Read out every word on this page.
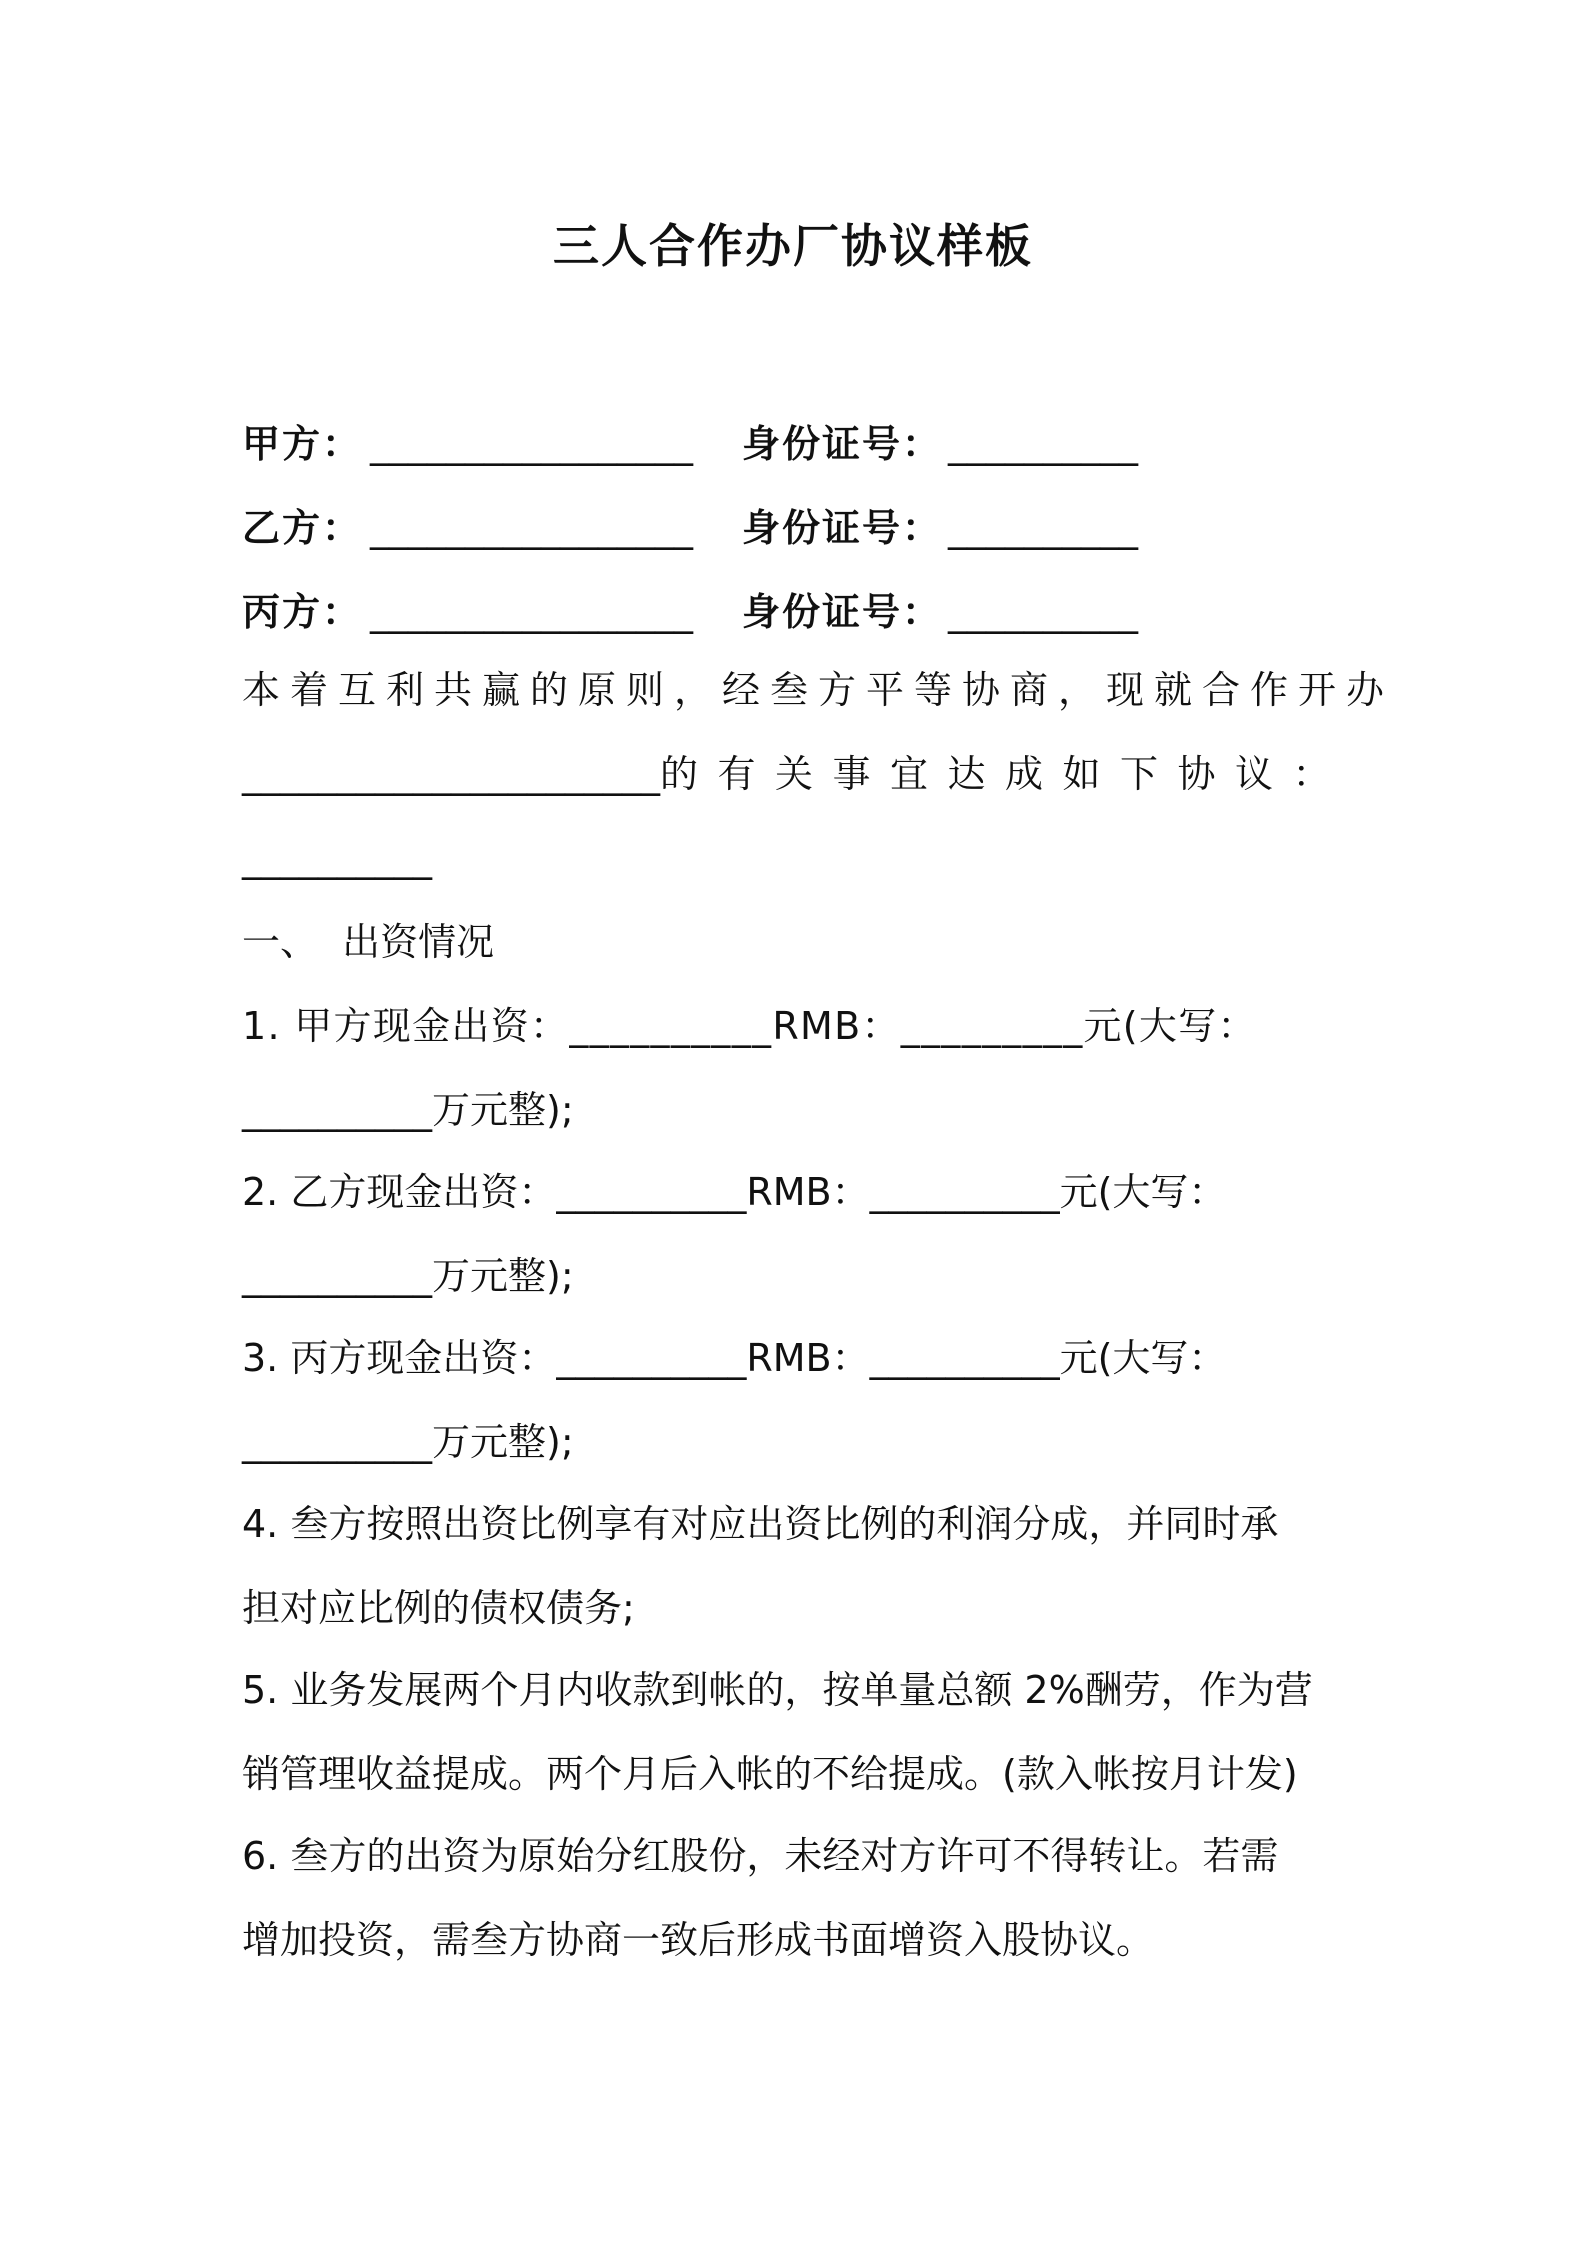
三人合作办厂协议样板
甲方： _________________ 身份证号： __________
乙方： _________________ 身份证号： __________
丙方： _________________ 身份证号： __________
本着互利共赢的原则，经叁方平等协商，现就合作开办
______________________的有关事宜达成如下协议：
__________
一、  出资情况
1. 甲方现金出资：__________RMB：_________元(大写：
__________万元整);
2. 乙方现金出资：__________RMB：__________元(大写：
__________万元整);
3. 丙方现金出资：__________RMB：__________元(大写：
__________万元整);
4. 叁方按照出资比例享有对应出资比例的利润分成，并同时承
担对应比例的债权债务;
5. 业务发展两个月内收款到帐的，按单量总额 2%酬劳，作为营
销管理收益提成。两个月后入帐的不给提成。(款入帐按月计发)
6. 叁方的出资为原始分红股份，未经对方许可不得转让。若需
增加投资，需叁方协商一致后形成书面增资入股协议。
